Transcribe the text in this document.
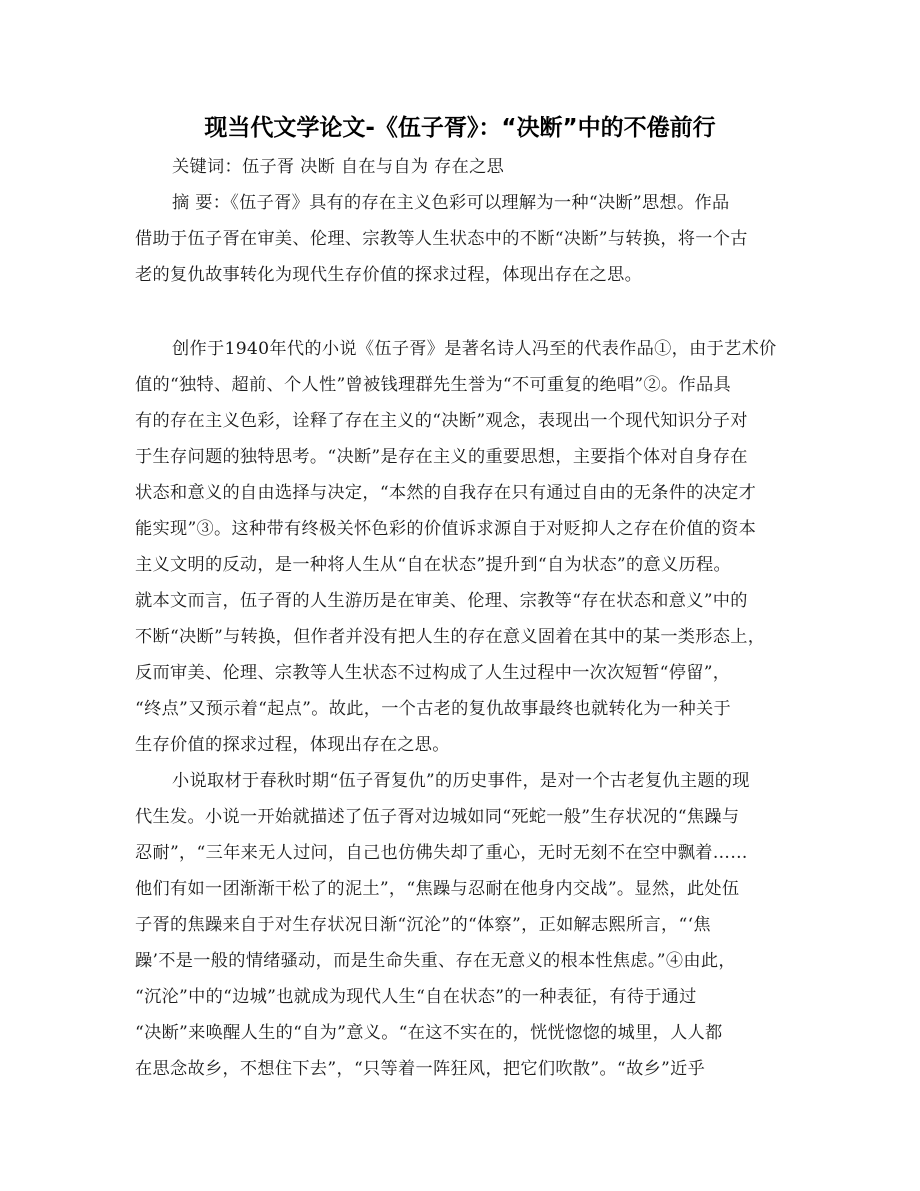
现当代文学论文-《伍子胥》：“决断”中的不倦前行
关键词：伍子胥 决断 自在与自为 存在之思
摘 要：《伍子胥》具有的存在主义色彩可以理解为一种“决断”思想。作品
借助于伍子胥在审美、伦理、宗教等人生状态中的不断“决断”与转换，将一个古
老的复仇故事转化为现代生存价值的探求过程，体现出存在之思。
创作于1940年代的小说《伍子胥》是著名诗人冯至的代表作品①，由于艺术价
值的“独特、超前、个人性”曾被钱理群先生誉为“不可重复的绝唱”②。作品具
有的存在主义色彩，诠释了存在主义的“决断”观念，表现出一个现代知识分子对
于生存问题的独特思考。“决断”是存在主义的重要思想，主要指个体对自身存在
状态和意义的自由选择与决定，“本然的自我存在只有通过自由的无条件的决定才
能实现”③。这种带有终极关怀色彩的价值诉求源自于对贬抑人之存在价值的资本
主义文明的反动，是一种将人生从“自在状态”提升到“自为状态”的意义历程。
就本文而言，伍子胥的人生游历是在审美、伦理、宗教等“存在状态和意义”中的
不断“决断”与转换，但作者并没有把人生的存在意义固着在其中的某一类形态上，
反而审美、伦理、宗教等人生状态不过构成了人生过程中一次次短暂“停留”，
“终点”又预示着“起点”。故此，一个古老的复仇故事最终也就转化为一种关于
生存价值的探求过程，体现出存在之思。
小说取材于春秋时期“伍子胥复仇”的历史事件，是对一个古老复仇主题的现
代生发。小说一开始就描述了伍子胥对边城如同“死蛇一般”生存状况的“焦躁与
忍耐”，“三年来无人过问，自己也仿佛失却了重心，无时无刻不在空中飘着……
他们有如一团渐渐干松了的泥土”，“焦躁与忍耐在他身内交战”。显然，此处伍
子胥的焦躁来自于对生存状况日渐“沉沦”的“体察”，正如解志熙所言，“‘焦
躁’不是一般的情绪骚动，而是生命失重、存在无意义的根本性焦虑。”④由此，
“沉沦”中的“边城”也就成为现代人生“自在状态”的一种表征，有待于通过
“决断”来唤醒人生的“自为”意义。“在这不实在的，恍恍惚惚的城里，人人都
在思念故乡，不想住下去”，“只等着一阵狂风，把它们吹散”。“故乡”近乎
